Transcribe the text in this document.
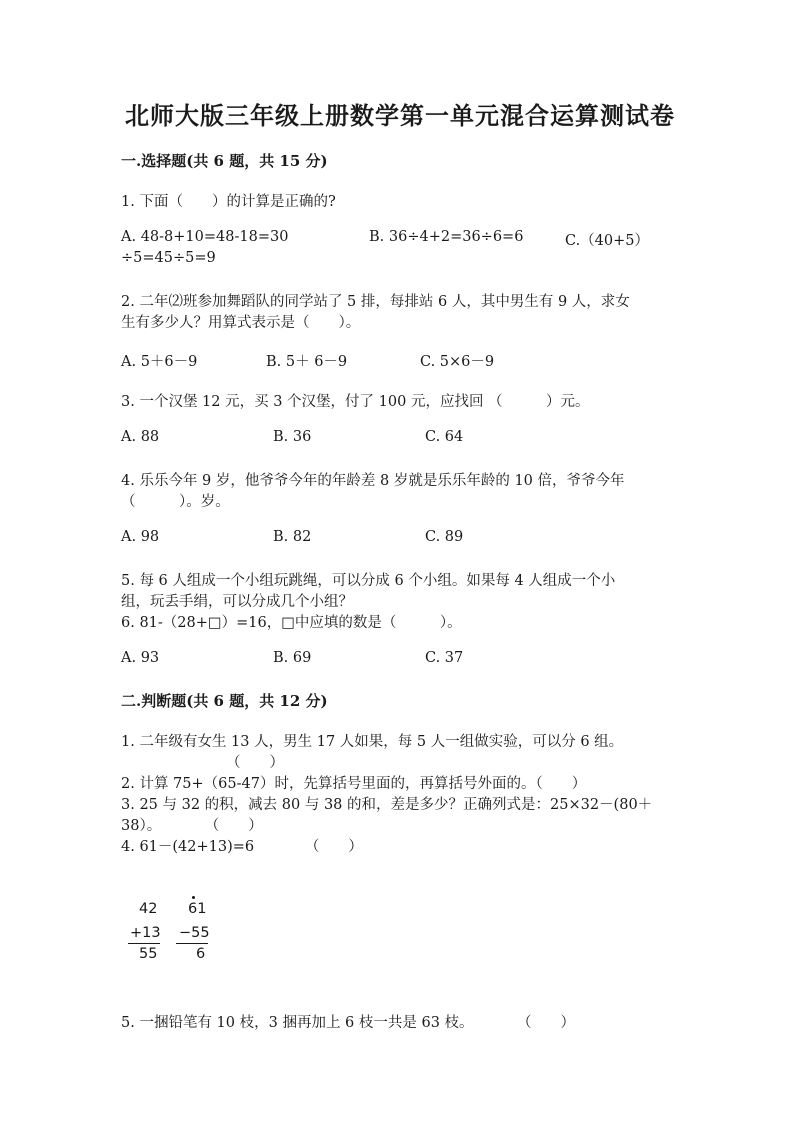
北师大版三年级上册数学第一单元混合运算测试卷
一.选择题(共 6 题，共 15 分)
1. 下面（　　）的计算是正确的?
A. 48-8+10=48-18=30	B. 36÷4+2=36÷6=6	C.（40+5）
÷5=45÷5=9
2. 二年⑵班参加舞蹈队的同学站了 5 排，每排站 6 人，其中男生有 9 人，求女
生有多少人？用算式表示是（　　）。
A. 5＋6－9	B. 5＋ 6－9	C. 5×6－9
3. 一个汉堡 12 元，买 3 个汉堡，付了 100 元，应找回 （　　　）元。
A. 88	B. 36	C. 64
4. 乐乐今年 9 岁，他爷爷今年的年龄差 8 岁就是乐乐年龄的 10 倍，爷爷今年
（　　　）。岁。
A. 98	B. 82	C. 89
5. 每 6 人组成一个小组玩跳绳，可以分成 6 个小组。如果每 4 人组成一个小
组，玩丢手绢，可以分成几个小组？
6. 81-（28+□）=16，□中应填的数是（　　　）。
A. 93	B. 69	C. 37
二.判断题(共 6 题，共 12 分)
1. 二年级有女生 13 人，男生 17 人如果，每 5 人一组做实验，可以分 6 组。
（　　）
2. 计算 75+（65-47）时，先算括号里面的，再算括号外面的。（　　）
3. 25 与 32 的积，减去 80 与 38 的和，差是多少？正确列式是：25×32－(80＋
38）。　　　　（　　）
4. 61－(42+13)=6　　　　（　　）
42
+13
55
61
−55
6
5. 一捆铅笔有 10 枝，3 捆再加上 6 枝一共是 63 枝。　　　　（　　）
